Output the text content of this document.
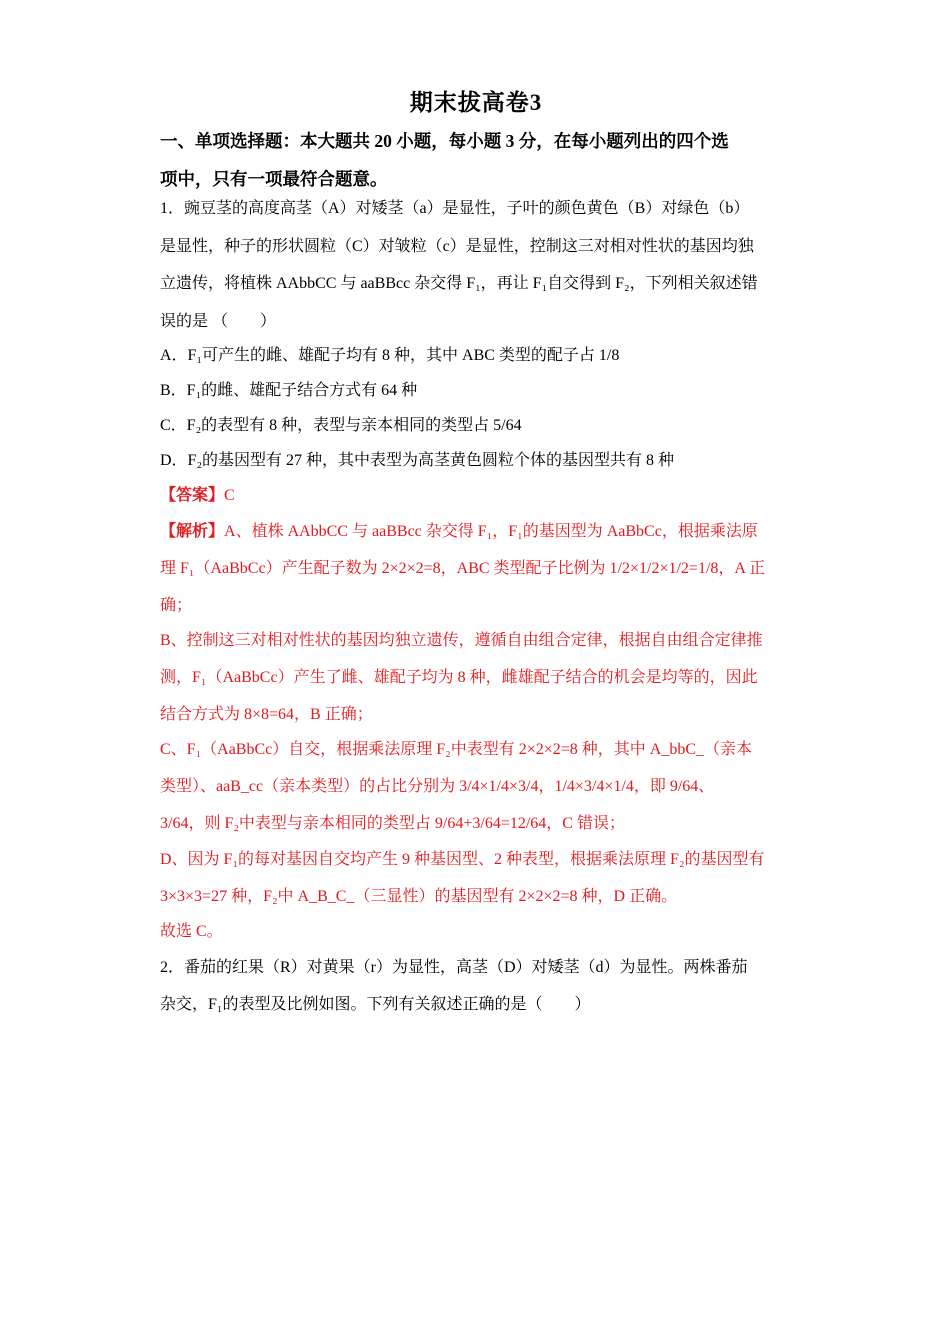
期末拔高卷3
一、单项选择题：本大题共 20 小题，每小题 3 分，在每小题列出的四个选
项中，只有一项最符合题意。
1．豌豆茎的高度高茎（A）对矮茎（a）是显性，子叶的颜色黄色（B）对绿色（b）
是显性，种子的形状圆粒（C）对皱粒（c）是显性，控制这三对相对性状的基因均独
立遗传，将植株 AAbbCC 与 aaBBcc 杂交得 F₁，再让 F₁自交得到 F₂，下列相关叙述错
误的是 （　　）
A．F₁可产生的雌、雄配子均有 8 种，其中 ABC 类型的配子占 1/8
B．F₁的雌、雄配子结合方式有 64 种
C．F₂的表型有 8 种，表型与亲本相同的类型占 5/64
D．F₂的基因型有 27 种，其中表型为高茎黄色圆粒个体的基因型共有 8 种
【答案】C
【解析】A、植株 AAbbCC 与 aaBBcc 杂交得 F₁，F₁的基因型为 AaBbCc，根据乘法原
理 F₁（AaBbCc）产生配子数为 2×2×2=8，ABC 类型配子比例为 1/2×1/2×1/2=1/8，A 正
确；
B、控制这三对相对性状的基因均独立遗传，遵循自由组合定律，根据自由组合定律推
测，F₁（AaBbCc）产生了雌、雄配子均为 8 种，雌雄配子结合的机会是均等的，因此
结合方式为 8×8=64，B 正确；
C、F₁（AaBbCc）自交，根据乘法原理 F₂中表型有 2×2×2=8 种，其中 A_bbC_（亲本
类型）、aaB_cc（亲本类型）的占比分别为 3/4×1/4×3/4，1/4×3/4×1/4，即 9/64、
3/64，则 F₂中表型与亲本相同的类型占 9/64+3/64=12/64，C 错误；
D、因为 F₁的每对基因自交均产生 9 种基因型、2 种表型，根据乘法原理 F₂的基因型有
3×3×3=27 种，F₂中 A_B_C_（三显性）的基因型有 2×2×2=8 种，D 正确。
故选 C。
2．番茄的红果（R）对黄果（r）为显性，高茎（D）对矮茎（d）为显性。两株番茄
杂交，F₁的表型及比例如图。下列有关叙述正确的是（　　）
